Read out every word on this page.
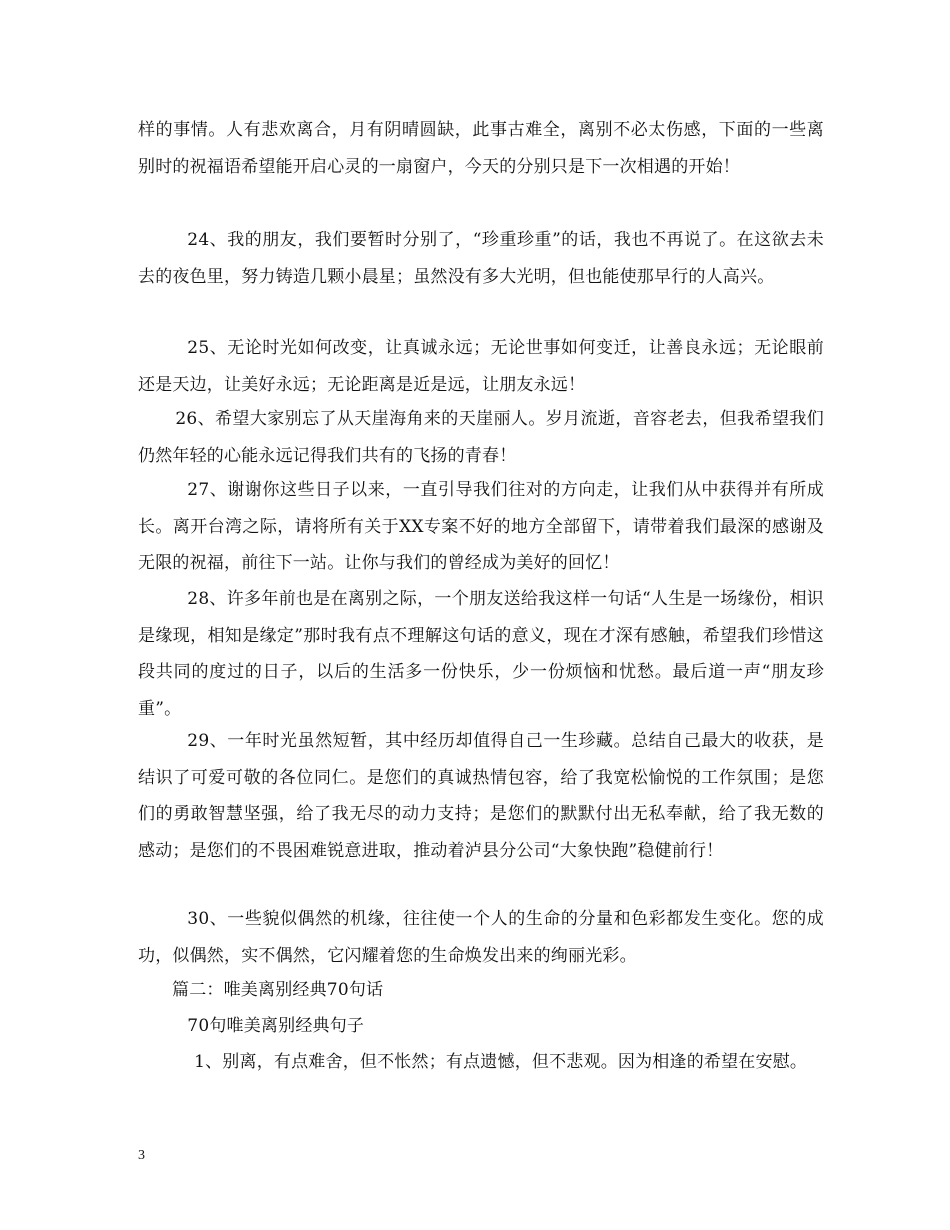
样的事情。人有悲欢离合，月有阴晴圆缺，此事古难全，离别不必太伤感，下面的一些离别时的祝福语希望能开启心灵的一扇窗户，今天的分别只是下一次相遇的开始！

24、我的朋友，我们要暂时分别了，“珍重珍重”的话，我也不再说了。在这欲去未去的夜色里，努力铸造几颗小晨星；虽然没有多大光明，但也能使那早行的人高兴。

25、无论时光如何改变，让真诚永远；无论世事如何变迁，让善良永远；无论眼前还是天边，让美好永远；无论距离是近是远，让朋友永远！

26、希望大家别忘了从天崖海角来的天崖丽人。岁月流逝，音容老去，但我希望我们仍然年轻的心能永远记得我们共有的飞扬的青春！

27、谢谢你这些日子以来，一直引导我们往对的方向走，让我们从中获得并有所成长。离开台湾之际，请将所有关于XX专案不好的地方全部留下，请带着我们最深的感谢及无限的祝福，前往下一站。让你与我们的曾经成为美好的回忆！

28、许多年前也是在离别之际，一个朋友送给我这样一句话“人生是一场缘份，相识是缘现，相知是缘定”那时我有点不理解这句话的意义，现在才深有感触，希望我们珍惜这段共同的度过的日子，以后的生活多一份快乐，少一份烦恼和忧愁。最后道一声“朋友珍重”。

29、一年时光虽然短暂，其中经历却值得自己一生珍藏。总结自己最大的收获，是结识了可爱可敬的各位同仁。是您们的真诚热情包容，给了我宽松愉悦的工作氛围；是您们的勇敢智慧坚强，给了我无尽的动力支持；是您们的默默付出无私奉献，给了我无数的感动；是您们的不畏困难锐意进取，推动着泸县分公司“大象快跑”稳健前行！

30、一些貌似偶然的机缘，往往使一个人的生命的分量和色彩都发生变化。您的成功，似偶然，实不偶然，它闪耀着您的生命焕发出来的绚丽光彩。

篇二：唯美离别经典70句话

70句唯美离别经典句子

1、别离，有点难舍，但不怅然；有点遗憾，但不悲观。因为相逢的希望在安慰。

3
